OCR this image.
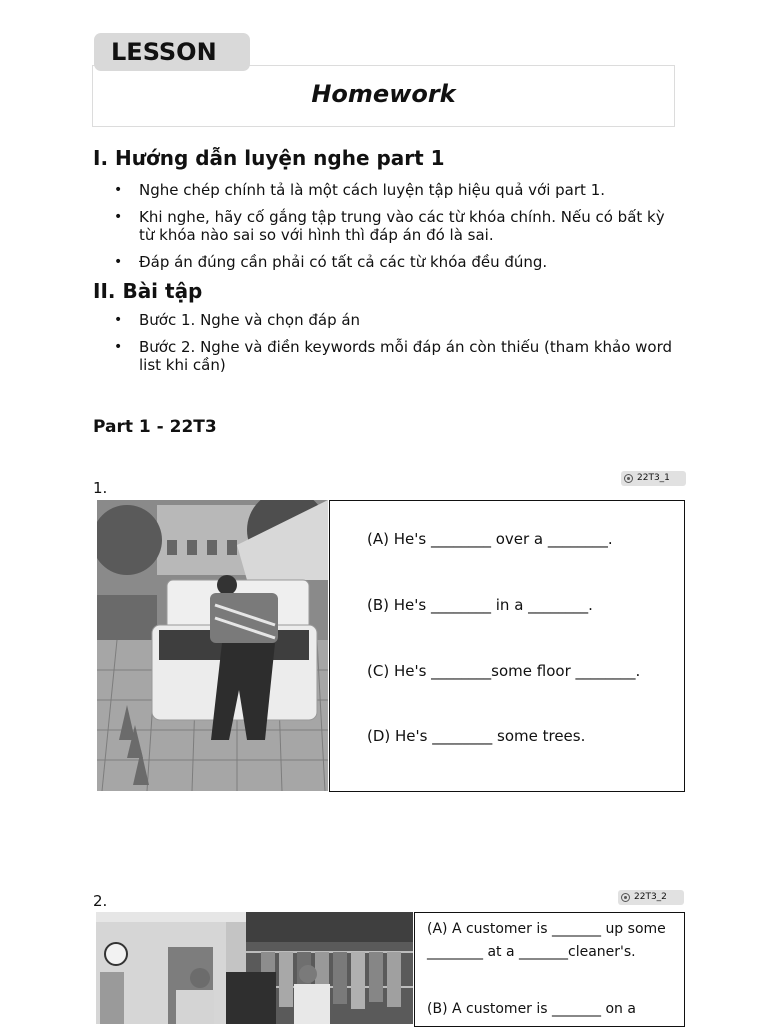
LESSON
Homework
I. Hướng dẫn luyện nghe part 1
• Nghe chép chính tả là một cách luyện tập hiệu quả với part 1.
• Khi nghe, hãy cố gắng tập trung vào các từ khóa chính. Nếu có bất kỳ từ khóa nào sai so với hình thì đáp án đó là sai.
• Đáp án đúng cần phải có tất cả các từ khóa đều đúng.
II. Bài tập
• Bước 1. Nghe và chọn đáp án
• Bước 2. Nghe và điền keywords mỗi đáp án còn thiếu (tham khảo word list khi cần)
Part 1 - 22T3
1.
22T3_1
(A) He's ________ over a ________.
(B) He's ________ in a ________.
(C) He's ________some floor ________.
(D) He's ________ some trees.
2.	22T3_2
(A) A customer is _______ up some ________ at a _______cleaner's.
(B) A customer is _______ on a
